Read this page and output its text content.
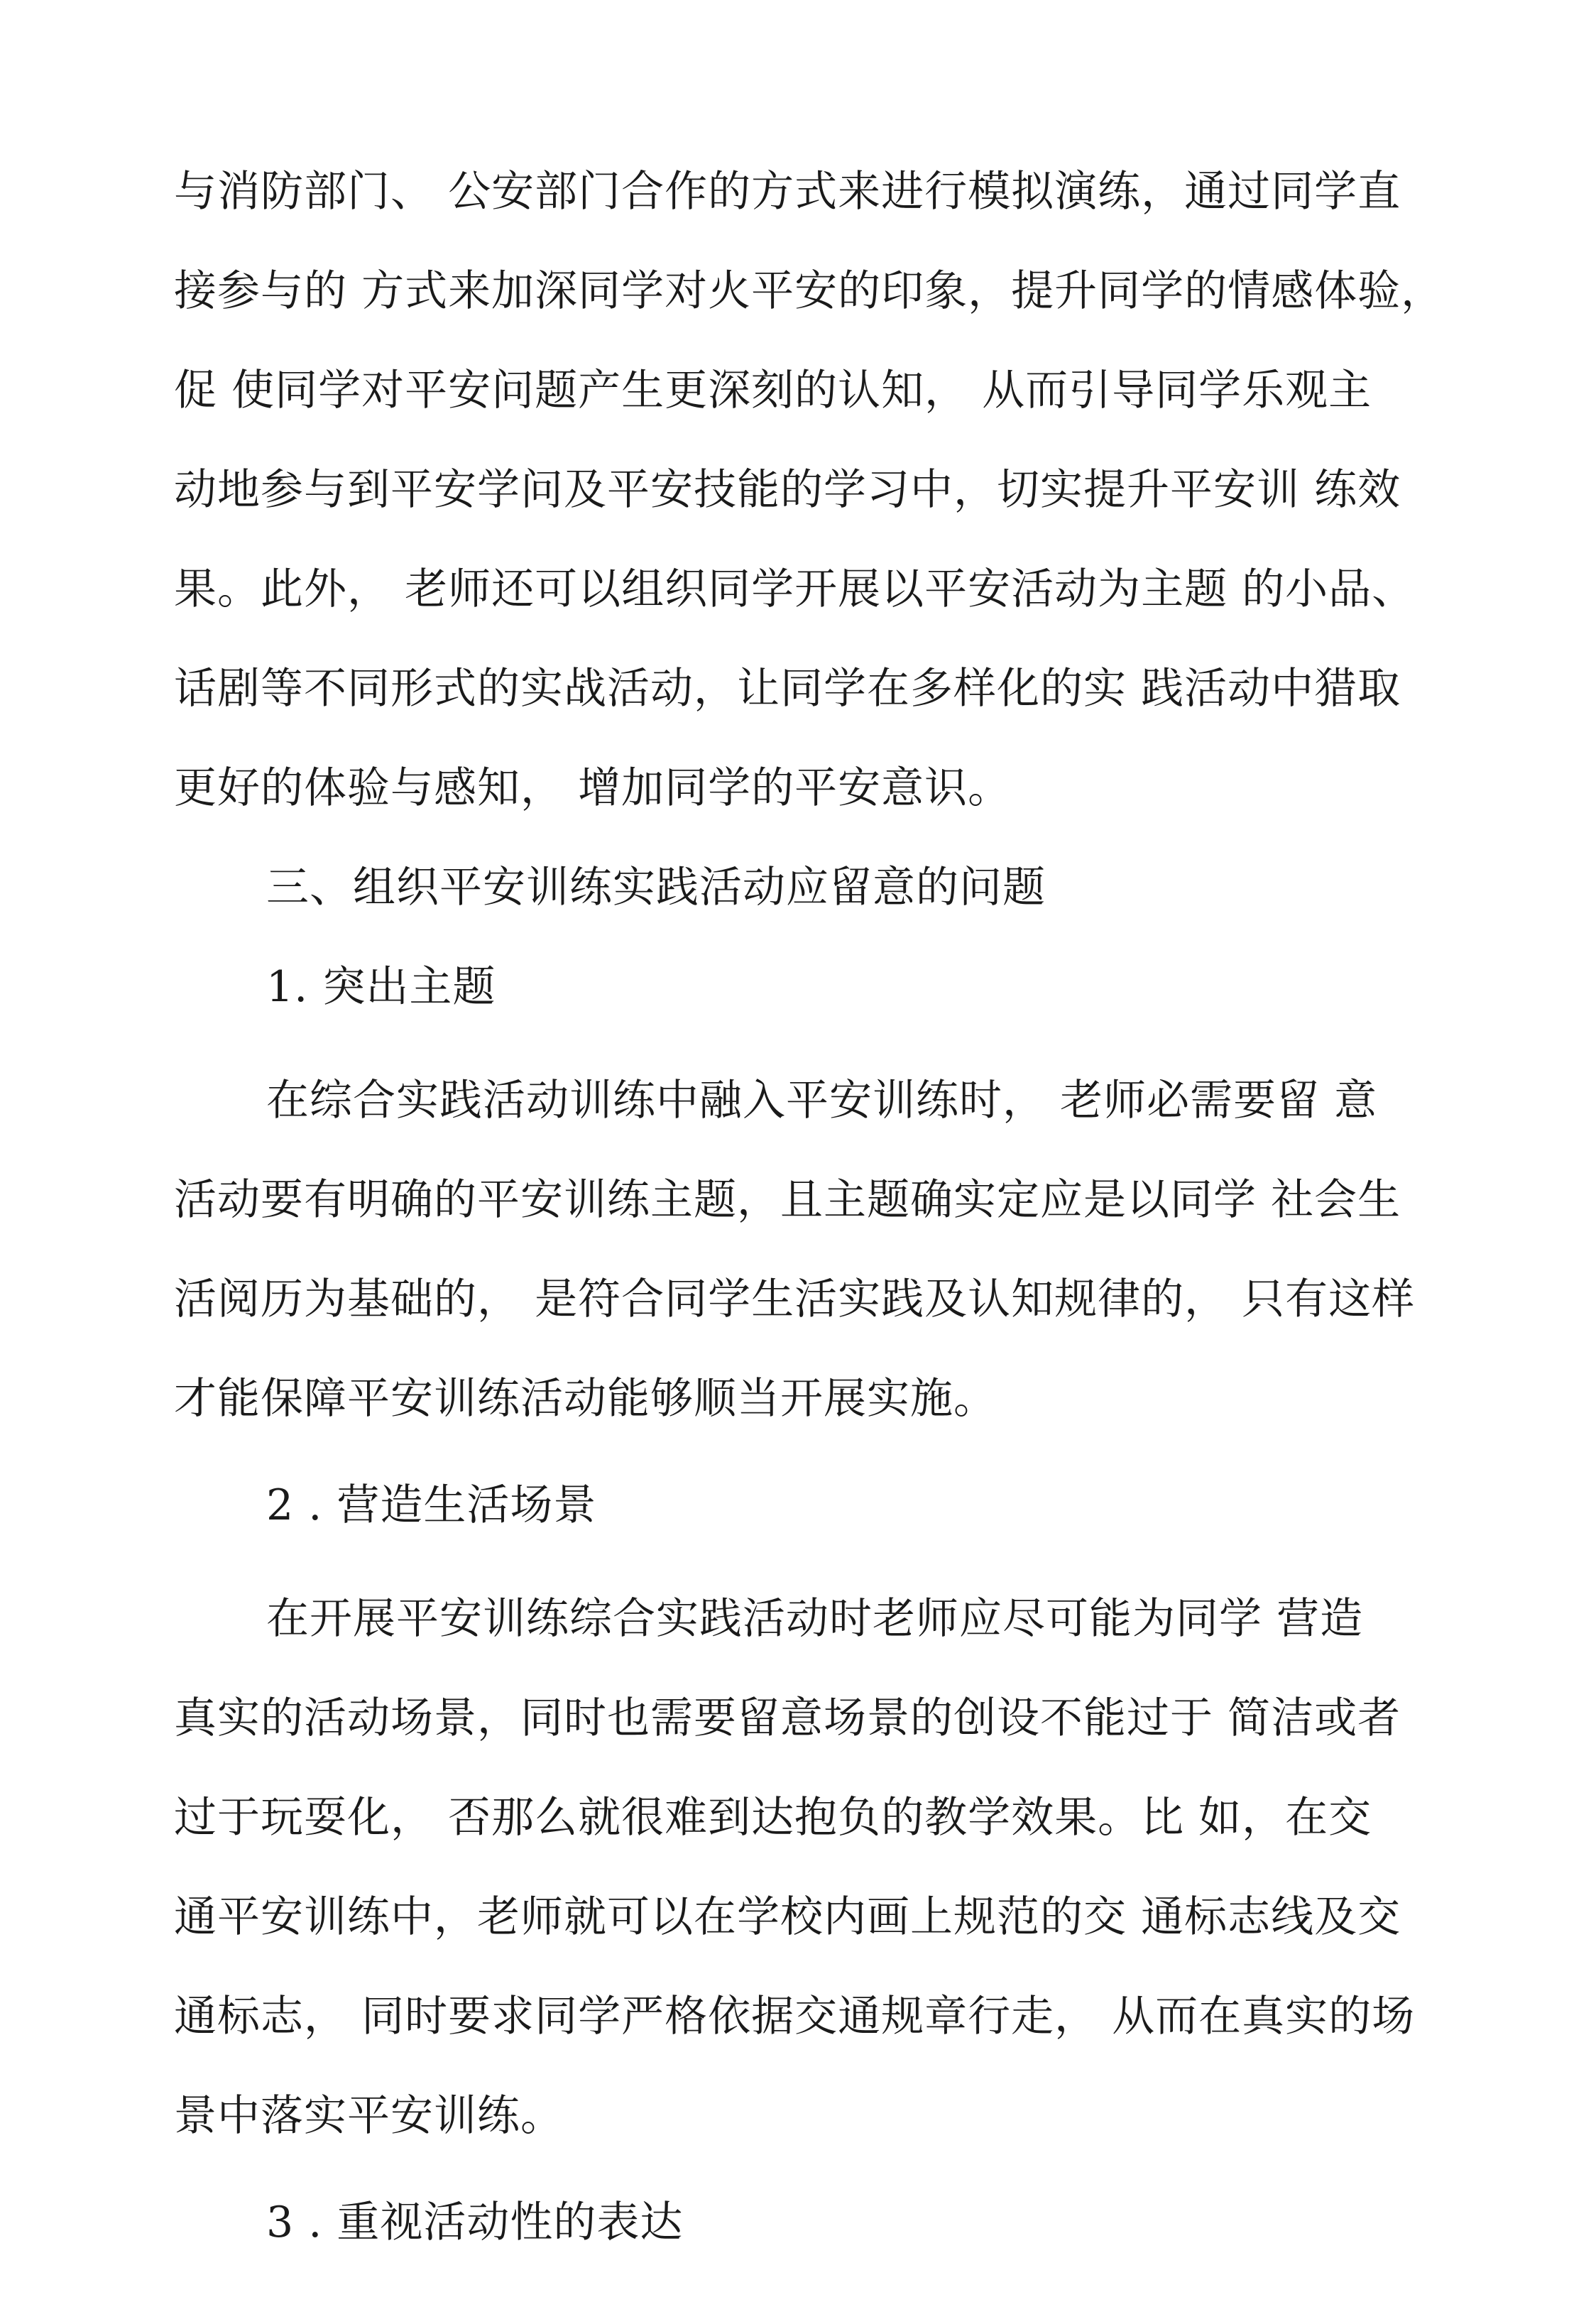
与消防部门、 公安部门合作的方式来进行模拟演练，通过同学直
接参与的 方式来加深同学对火平安的印象，提升同学的情感体验，
促 使同学对平安问题产生更深刻的认知， 从而引导同学乐观主
动地参与到平安学问及平安技能的学习中，切实提升平安训 练效
果。此外， 老师还可以组织同学开展以平安活动为主题 的小品、
话剧等不同形式的实战活动，让同学在多样化的实 践活动中猎取
更好的体验与感知， 增加同学的平安意识。
三、组织平安训练实践活动应留意的问题
1. 突出主题
在综合实践活动训练中融入平安训练时， 老师必需要留 意
活动要有明确的平安训练主题，且主题确实定应是以同学 社会生
活阅历为基础的， 是符合同学生活实践及认知规律的， 只有这样
才能保障平安训练活动能够顺当开展实施。
2 . 营造生活场景
在开展平安训练综合实践活动时老师应尽可能为同学 营造
真实的活动场景，同时也需要留意场景的创设不能过于 简洁或者
过于玩耍化， 否那么就很难到达抱负的教学效果。比 如，在交
通平安训练中，老师就可以在学校内画上规范的交 通标志线及交
通标志， 同时要求同学严格依据交通规章行走， 从而在真实的场
景中落实平安训练。
3 . 重视活动性的表达
